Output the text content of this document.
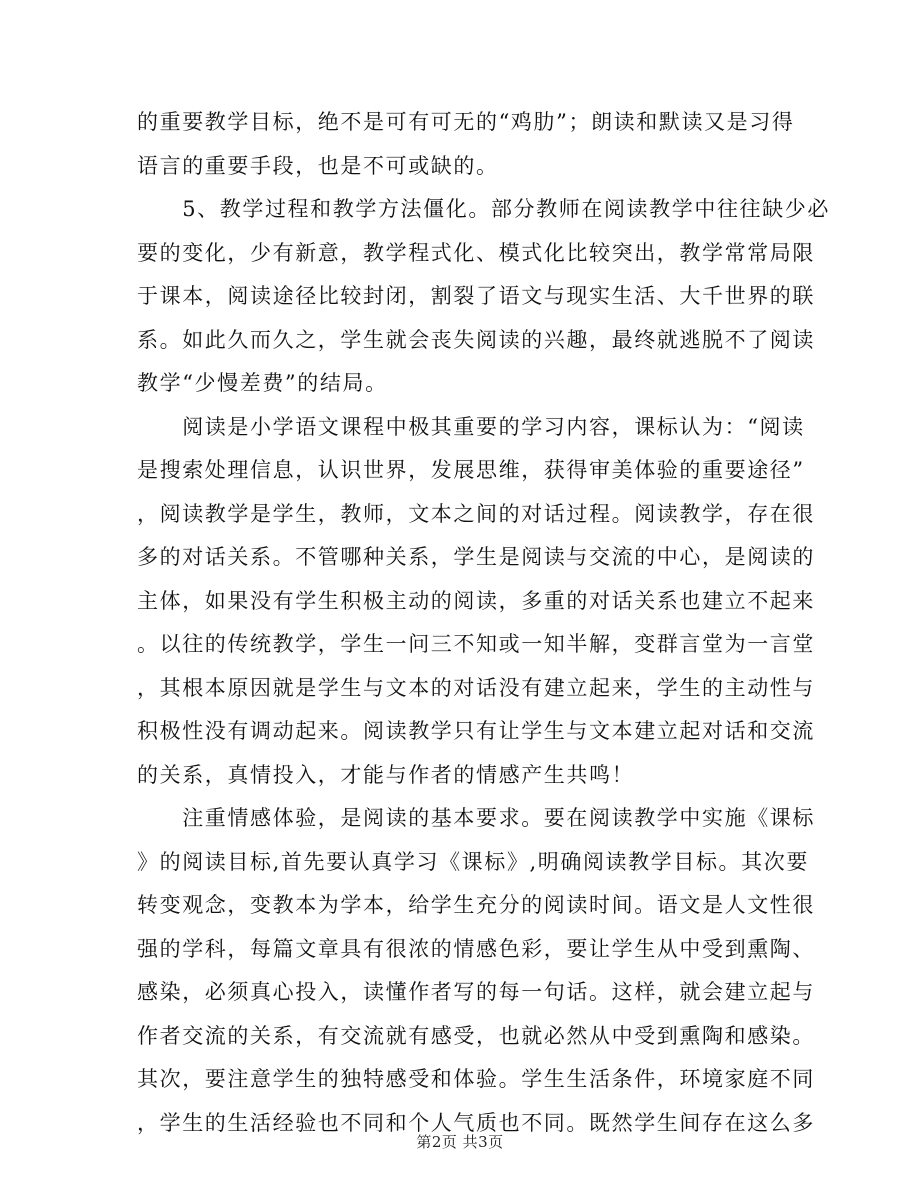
的重要教学目标，绝不是可有可无的“鸡肋”；朗读和默读又是习得
语言的重要手段，也是不可或缺的。
　　5、教学过程和教学方法僵化。部分教师在阅读教学中往往缺少必
要的变化，少有新意，教学程式化、模式化比较突出，教学常常局限
于课本，阅读途径比较封闭，割裂了语文与现实生活、大千世界的联
系。如此久而久之，学生就会丧失阅读的兴趣，最终就逃脱不了阅读
教学“少慢差费”的结局。
　　阅读是小学语文课程中极其重要的学习内容，课标认为：“阅读
是搜索处理信息，认识世界，发展思维，获得审美体验的重要途径”
，阅读教学是学生，教师，文本之间的对话过程。阅读教学，存在很
多的对话关系。不管哪种关系，学生是阅读与交流的中心，是阅读的
主体，如果没有学生积极主动的阅读，多重的对话关系也建立不起来
。以往的传统教学，学生一问三不知或一知半解，变群言堂为一言堂
，其根本原因就是学生与文本的对话没有建立起来，学生的主动性与
积极性没有调动起来。阅读教学只有让学生与文本建立起对话和交流
的关系，真情投入，才能与作者的情感产生共鸣！
　　注重情感体验，是阅读的基本要求。要在阅读教学中实施《课标
》的阅读目标,首先要认真学习《课标》,明确阅读教学目标。其次要
转变观念，变教本为学本，给学生充分的阅读时间。语文是人文性很
强的学科，每篇文章具有很浓的情感色彩，要让学生从中受到熏陶、
感染，必须真心投入，读懂作者写的每一句话。这样，就会建立起与
作者交流的关系，有交流就有感受，也就必然从中受到熏陶和感染。
其次，要注意学生的独特感受和体验。学生生活条件，环境家庭不同
，学生的生活经验也不同和个人气质也不同。既然学生间存在这么多
第2页 共3页
